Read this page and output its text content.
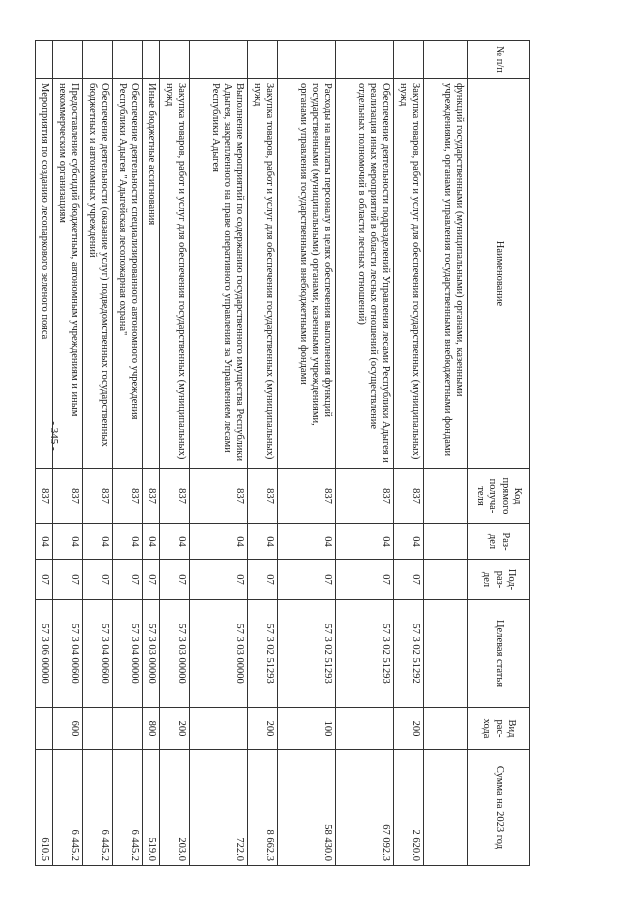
- 345 -
№ п/п	Наименование	Код прямого получа-теля	Раз-дел	Под-раз-дел	Целевая статья	Вид рас-хода	Сумма на 2023 год
	функций государственными (муниципальными) органами, казенными учреждениями, органами управления государственными внебюджетными фондами						
	Закупка товаров, работ и услуг для обеспечения государственных (муниципальных) нужд	837	04	07	57 3 02 51292	200	2 620.0
	Обеспечение деятельности подразделений Управления лесами Республики Адыгея и реализация иных мероприятий в области лесных отношений (осуществление отдельных полномочий в области лесных отношений)	837	04	07	57 3 02 51293		67 092.3
	Расходы на выплаты персоналу в целях обеспечения выполнения функций государственными (муниципальными) органами, казенными учреждениями, органами управления государственными внебюджетными фондами	837	04	07	57 3 02 51293	100	58 430.0
	Закупка товаров, работ и услуг для обеспечения государственных (муниципальных) нужд	837	04	07	57 3 02 51293	200	8 662.3
	Выполнение мероприятий по содержанию государственного имущества Республики Адыгея, закрепленного на праве оперативного управления за Управлением лесами Республики Адыгея	837	04	07	57 3 03 00000		722.0
	Закупка товаров, работ и услуг для обеспечения государственных (муниципальных) нужд	837	04	07	57 3 03 00000	200	203.0
	Иные бюджетные ассигнования	837	04	07	57 3 03 00000	800	519.0
	Обеспечение деятельности специализированного автономного учреждения Республики Адыгея "Адыгейская лесопожарная охрана"	837	04	07	57 3 04 00000		6 445.2
	Обеспечение деятельности (оказание услуг) подведомственных государственных бюджетных и автономных учреждений	837	04	07	57 3 04 00600		6 445.2
	Предоставление субсидий бюджетным, автономным учреждениям и иным некоммерческим организациям	837	04	07	57 3 04 00600	600	6 445.2
	Мероприятия по созданию лесопаркового зеленого пояса	837	04	07	57 3 06 00000		610.5
